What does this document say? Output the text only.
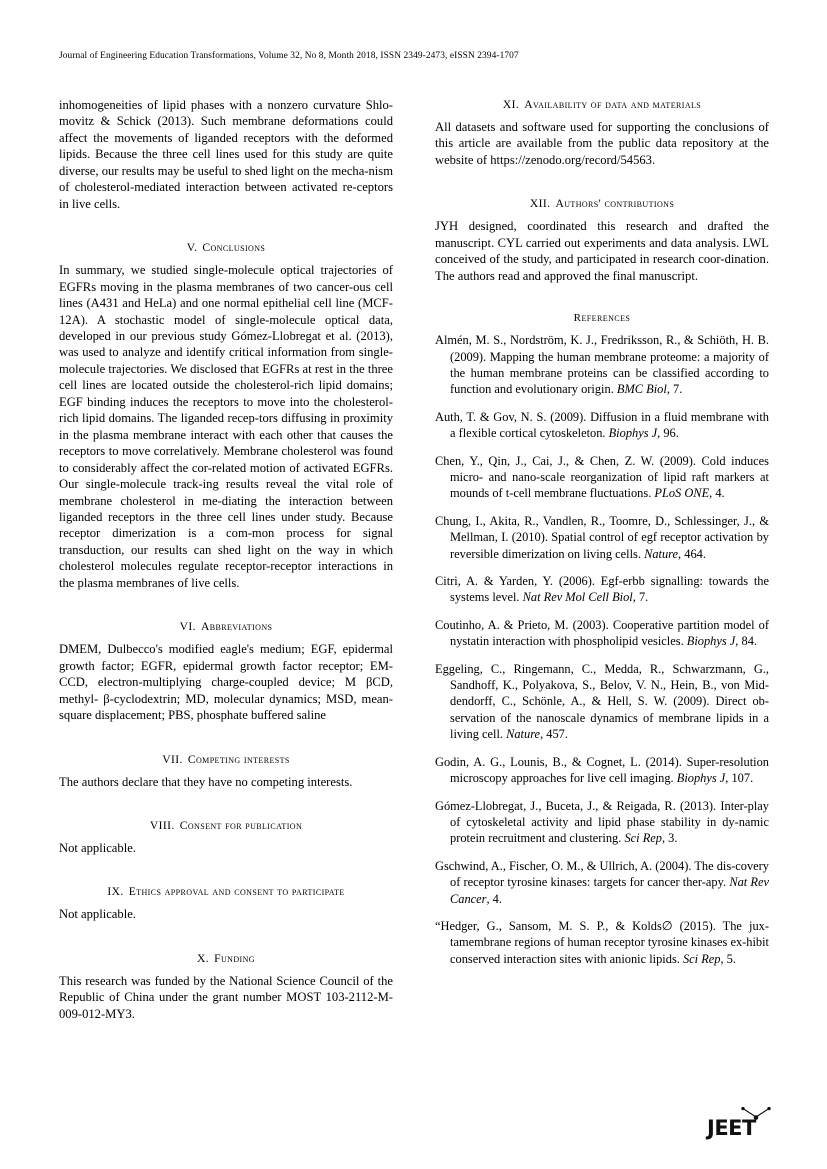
Journal of Engineering Education Transformations, Volume 32, No 8, Month 2018, ISSN 2349-2473, eISSN 2394-1707

inhomogeneities of lipid phases with a nonzero curvature Shlo-movitz & Schick (2013). Such membrane deformations could affect the movements of liganded receptors with the deformed lipids. Because the three cell lines used for this study are quite diverse, our results may be useful to shed light on the mecha-nism of cholesterol-mediated interaction between activated re-ceptors in live cells.

V. Conclusions

In summary, we studied single-molecule optical trajectories of EGFRs moving in the plasma membranes of two cancer-ous cell lines (A431 and HeLa) and one normal epithelial cell line (MCF-12A). A stochastic model of single-molecule optical data, developed in our previous study Gómez-Llobregat et al. (2013), was used to analyze and identify critical information from single-molecule trajectories. We disclosed that EGFRs at rest in the three cell lines are located outside the cholesterol-rich lipid domains; EGF binding induces the receptors to move into the cholesterol-rich lipid domains. The liganded recep-tors diffusing in proximity in the plasma membrane interact with each other that causes the receptors to move correlatively. Membrane cholesterol was found to considerably affect the cor-related motion of activated EGFRs. Our single-molecule track-ing results reveal the vital role of membrane cholesterol in me-diating the interaction between liganded receptors in the three cell lines under study. Because receptor dimerization is a com-mon process for signal transduction, our results can shed light on the way in which cholesterol molecules regulate receptor-receptor interactions in the plasma membranes of live cells.

VI. Abbreviations

DMEM, Dulbecco's modified eagle's medium; EGF, epidermal growth factor; EGFR, epidermal growth factor receptor; EM-CCD, electron-multiplying charge-coupled device; M βCD, methyl- β-cyclodextrin; MD, molecular dynamics; MSD, mean-square displacement; PBS, phosphate buffered saline

VII. Competing interests

The authors declare that they have no competing interests.

VIII. Consent for publication

Not applicable.

IX. Ethics approval and consent to participate

Not applicable.

X. Funding

This research was funded by the National Science Council of the Republic of China under the grant number MOST 103-2112-M-009-012-MY3.

XI. Availability of data and materials

All datasets and software used for supporting the conclusions of this article are available from the public data repository at the website of https://zenodo.org/record/54563.

XII. Authors' contributions

JYH designed, coordinated this research and drafted the manuscript. CYL carried out experiments and data analysis. LWL conceived of the study, and participated in research coor-dination. The authors read and approved the final manuscript.

References
Almén, M. S., Nordström, K. J., Fredriksson, R., & Schiöth, H. B. (2009). Mapping the human membrane proteome: a majority of the human membrane proteins can be classified according to function and evolutionary origin. BMC Biol, 7.
Auth, T. & Gov, N. S. (2009). Diffusion in a fluid membrane with a flexible cortical cytoskeleton. Biophys J, 96.
Chen, Y., Qin, J., Cai, J., & Chen, Z. W. (2009). Cold induces micro- and nano-scale reorganization of lipid raft markers at mounds of t-cell membrane fluctuations. PLoS ONE, 4.
Chung, I., Akita, R., Vandlen, R., Toomre, D., Schlessinger, J., & Mellman, I. (2010). Spatial control of egf receptor activation by reversible dimerization on living cells. Nature, 464.
Citri, A. & Yarden, Y. (2006). Egf-erbb signalling: towards the systems level. Nat Rev Mol Cell Biol, 7.
Coutinho, A. & Prieto, M. (2003). Cooperative partition model of nystatin interaction with phospholipid vesicles. Biophys J, 84.
Eggeling, C., Ringemann, C., Medda, R., Schwarzmann, G., Sandhoff, K., Polyakova, S., Belov, V. N., Hein, B., von Mid-dendorff, C., Schönle, A., & Hell, S. W. (2009). Direct ob-servation of the nanoscale dynamics of membrane lipids in a living cell. Nature, 457.
Godin, A. G., Lounis, B., & Cognet, L. (2014). Super-resolution microscopy approaches for live cell imaging. Biophys J, 107.
Gómez-Llobregat, J., Buceta, J., & Reigada, R. (2013). Inter-play of cytoskeletal activity and lipid phase stability in dy-namic protein recruitment and clustering. Sci Rep, 3.
Gschwind, A., Fischer, O. M., & Ullrich, A. (2004). The dis-covery of receptor tyrosine kinases: targets for cancer ther-apy. Nat Rev Cancer, 4.
“Hedger, G., Sansom, M. S. P., & Kolds∅ (2015). The jux-tamembrane regions of human receptor tyrosine kinases ex-hibit conserved interaction sites with anionic lipids. Sci Rep, 5.
JEET
